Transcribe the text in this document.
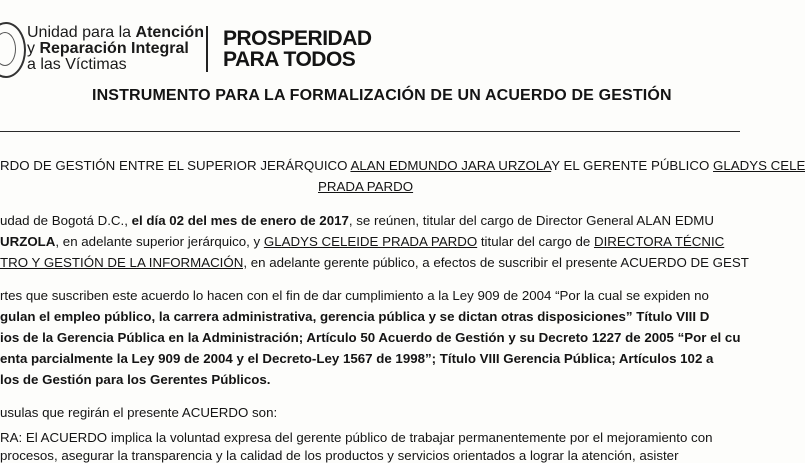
Unidad para la Atención
y Reparación Integral
a las Víctimas
PROSPERIDAD
PARA TODOS
INSTRUMENTO PARA LA FORMALIZACIÓN DE UN ACUERDO DE GESTIÓN
RDO DE GESTIÓN ENTRE EL SUPERIOR JERÁRQUICO ALAN EDMUNDO JARA URZOLAY EL GERENTE PÚBLICO GLADYS CELE
PRADA PARDO
udad de Bogotá D.C., el día 02 del mes de enero de 2017, se reúnen, titular del cargo de Director General ALAN EDMU
URZOLA, en adelante superior jerárquico, y GLADYS CELEIDE PRADA PARDO titular del cargo de DIRECTORA TÉCNIC
TRO Y GESTIÓN DE LA INFORMACIÓN, en adelante gerente público, a efectos de suscribir el presente ACUERDO DE GEST
rtes que suscriben este acuerdo lo hacen con el fin de dar cumplimiento a la Ley 909 de 2004 “Por la cual se expiden no
gulan el empleo público, la carrera administrativa, gerencia pública y se dictan otras disposiciones” Título VIII D
ios de la Gerencia Pública en la Administración; Artículo 50 Acuerdo de Gestión y su Decreto 1227 de 2005 “Por el cu
enta parcialmente la Ley 909 de 2004 y el Decreto-Ley 1567 de 1998”; Título VIII Gerencia Pública; Artículos 102 a
los de Gestión para los Gerentes Públicos.
usulas que regirán el presente ACUERDO son:
RA: El ACUERDO implica la voluntad expresa del gerente público de trabajar permanentemente por el mejoramiento con
procesos, asegurar la transparencia y la calidad de los productos y servicios orientados a lograr la atención, asister
